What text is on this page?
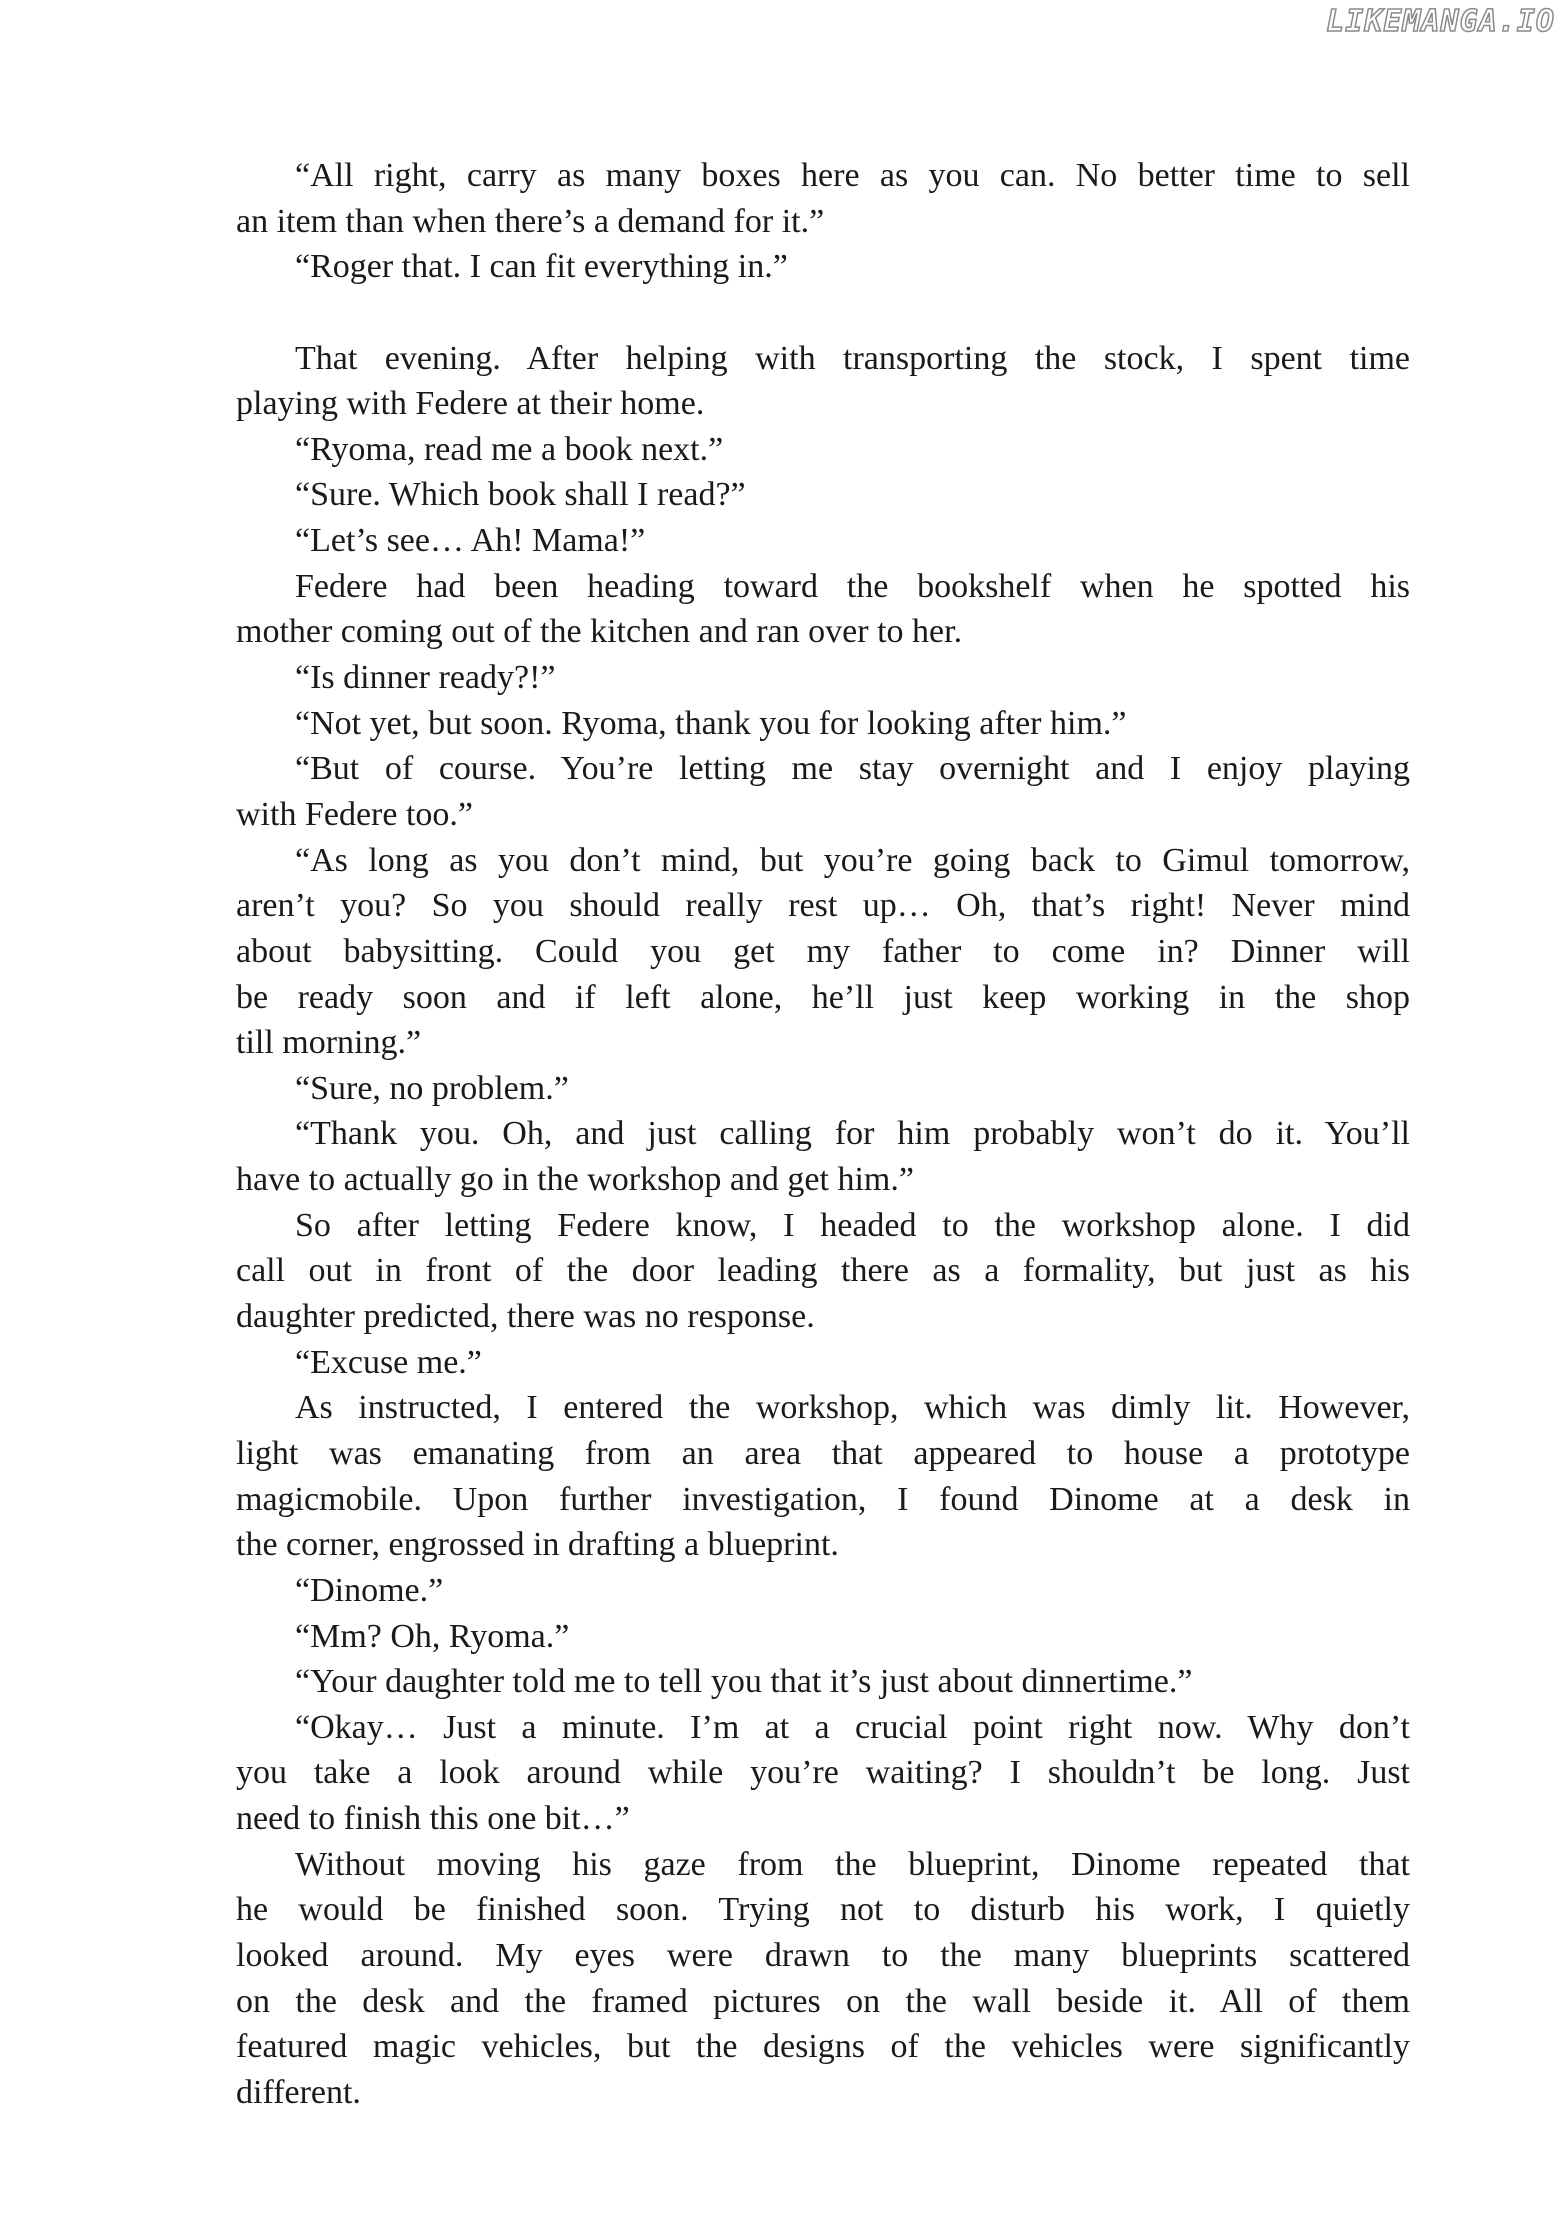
LIKEMANGA.IO
“All right, carry as many boxes here as you can. No better time to sell
an item than when there’s a demand for it.”
“Roger that. I can fit everything in.”
That evening. After helping with transporting the stock, I spent time
playing with Federe at their home.
“Ryoma, read me a book next.”
“Sure. Which book shall I read?”
“Let’s see… Ah! Mama!”
Federe had been heading toward the bookshelf when he spotted his
mother coming out of the kitchen and ran over to her.
“Is dinner ready?!”
“Not yet, but soon. Ryoma, thank you for looking after him.”
“But of course. You’re letting me stay overnight and I enjoy playing
with Federe too.”
“As long as you don’t mind, but you’re going back to Gimul tomorrow,
aren’t you? So you should really rest up… Oh, that’s right! Never mind
about babysitting. Could you get my father to come in? Dinner will
be ready soon and if left alone, he’ll just keep working in the shop
till morning.”
“Sure, no problem.”
“Thank you. Oh, and just calling for him probably won’t do it. You’ll
have to actually go in the workshop and get him.”
So after letting Federe know, I headed to the workshop alone. I did
call out in front of the door leading there as a formality, but just as his
daughter predicted, there was no response.
“Excuse me.”
As instructed, I entered the workshop, which was dimly lit. However,
light was emanating from an area that appeared to house a prototype
magicmobile. Upon further investigation, I found Dinome at a desk in
the corner, engrossed in drafting a blueprint.
“Dinome.”
“Mm? Oh, Ryoma.”
“Your daughter told me to tell you that it’s just about dinnertime.”
“Okay… Just a minute. I’m at a crucial point right now. Why don’t
you take a look around while you’re waiting? I shouldn’t be long. Just
need to finish this one bit…”
Without moving his gaze from the blueprint, Dinome repeated that
he would be finished soon. Trying not to disturb his work, I quietly
looked around. My eyes were drawn to the many blueprints scattered
on the desk and the framed pictures on the wall beside it. All of them
featured magic vehicles, but the designs of the vehicles were significantly
different.
